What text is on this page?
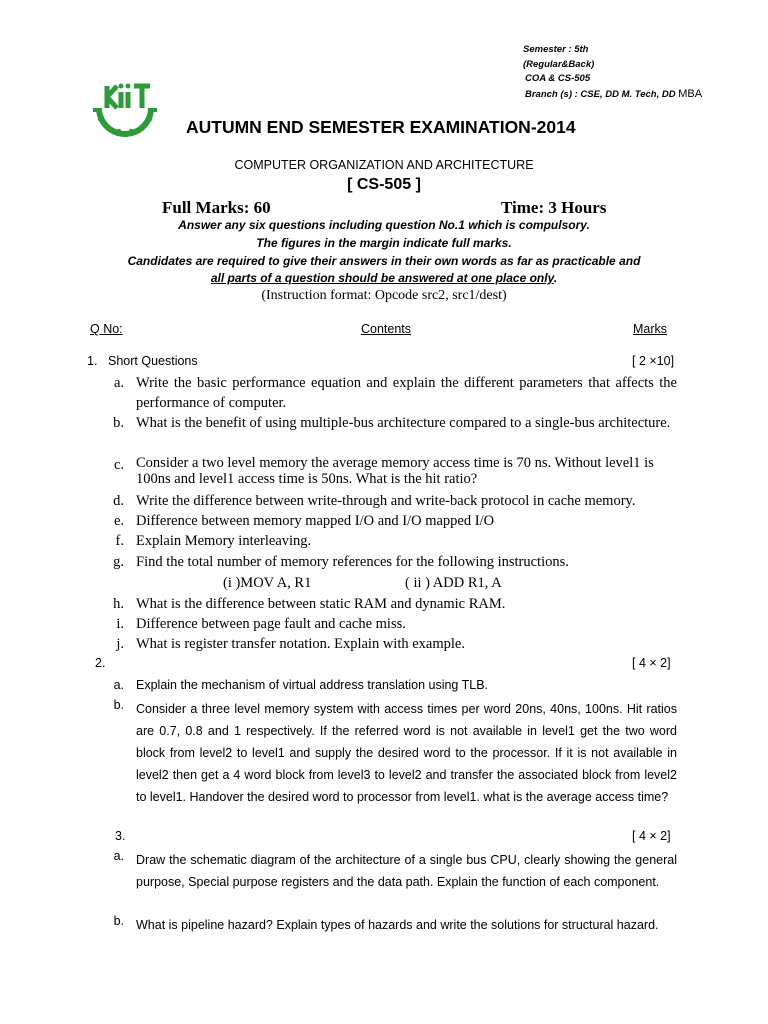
Semester : 5th
(Regular&Back)
COA & CS-505
Branch (s) : CSE, DD M. Tech, DD MBA
AUTUMN END SEMESTER EXAMINATION-2014
COMPUTER ORGANIZATION AND ARCHITECTURE
[ CS-505 ]
Full Marks: 60	Time: 3 Hours
Answer any six questions including question No.1 which is compulsory.
The figures in the margin indicate full marks.
Candidates are required to give their answers in their own words as far as practicable and
all parts of a question should be answered at one place only.
(Instruction format: Opcode src2, src1/dest)
Q No:	Contents	Marks
1. Short Questions	[ 2 ×10]
a. Write the basic performance equation and explain the different parameters that affects the performance of computer.
b. What is the benefit of using multiple-bus architecture compared to a single-bus architecture.
c. Consider a two level memory the average memory access time is 70 ns. Without level1 is 100ns and level1 access time is 50ns. What is the hit ratio?
d. Write the difference between write-through and write-back protocol in cache memory.
e. Difference between memory mapped I/O and I/O mapped I/O
f. Explain Memory interleaving.
g. Find the total number of memory references for the following instructions.
(i )MOV A, R1	( ii ) ADD R1, A
h. What is the difference between static RAM and dynamic RAM.
i. Difference between page fault and cache miss.
j. What is register transfer notation. Explain with example.
2.	[ 4 × 2]
a. Explain the mechanism of virtual address translation using TLB.
b. Consider a three level memory system with access times per word 20ns, 40ns, 100ns. Hit ratios are 0.7, 0.8 and 1 respectively. If the referred word is not available in level1 get the two word block from level2 to level1 and supply the desired word to the processor. If it is not available in level2 then get a 4 word block from level3 to level2 and transfer the associated block from level2 to level1. Handover the desired word to processor from level1. what is the average access time?
3.	[ 4 × 2]
a. Draw the schematic diagram of the architecture of a single bus CPU, clearly showing the general purpose, Special purpose registers and the data path. Explain the function of each component.
b. What is pipeline hazard? Explain types of hazards and write the solutions for structural hazard.
